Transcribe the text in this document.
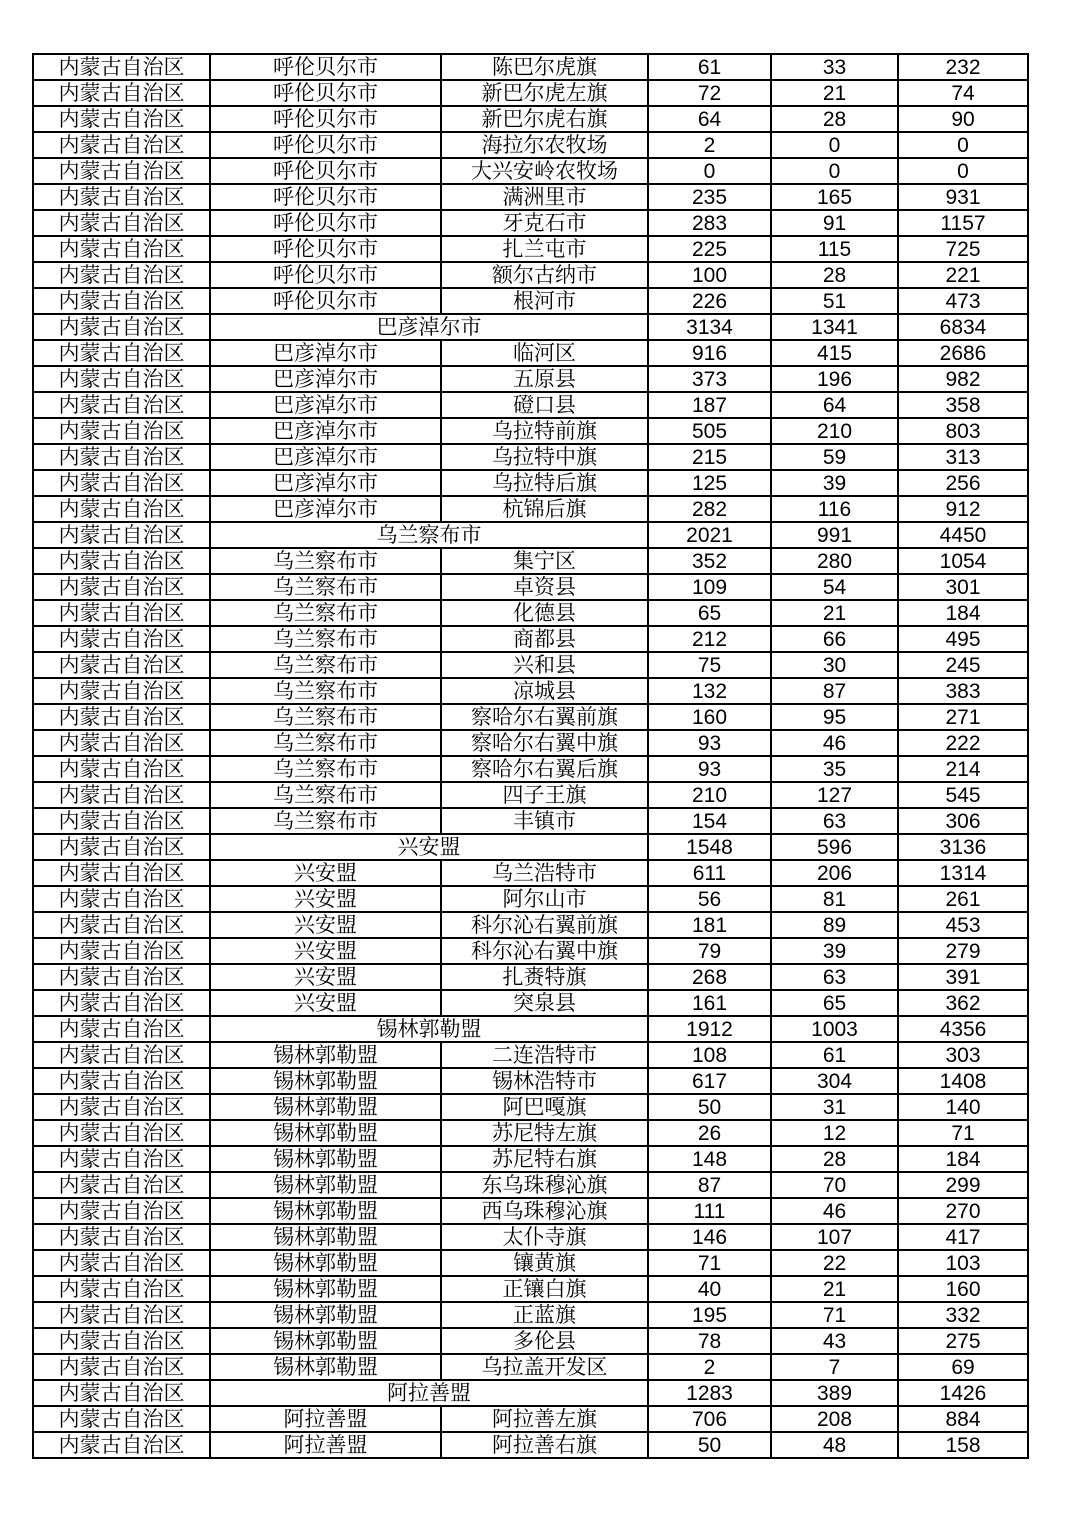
内蒙古自治区	呼伦贝尔市	陈巴尔虎旗	61	33	232
内蒙古自治区	呼伦贝尔市	新巴尔虎左旗	72	21	74
内蒙古自治区	呼伦贝尔市	新巴尔虎右旗	64	28	90
内蒙古自治区	呼伦贝尔市	海拉尔农牧场	2	0	0
内蒙古自治区	呼伦贝尔市	大兴安岭农牧场	0	0	0
内蒙古自治区	呼伦贝尔市	满洲里市	235	165	931
内蒙古自治区	呼伦贝尔市	牙克石市	283	91	1157
内蒙古自治区	呼伦贝尔市	扎兰屯市	225	115	725
内蒙古自治区	呼伦贝尔市	额尔古纳市	100	28	221
内蒙古自治区	呼伦贝尔市	根河市	226	51	473
内蒙古自治区	巴彦淖尔市		3134	1341	6834
内蒙古自治区	巴彦淖尔市	临河区	916	415	2686
内蒙古自治区	巴彦淖尔市	五原县	373	196	982
内蒙古自治区	巴彦淖尔市	磴口县	187	64	358
内蒙古自治区	巴彦淖尔市	乌拉特前旗	505	210	803
内蒙古自治区	巴彦淖尔市	乌拉特中旗	215	59	313
内蒙古自治区	巴彦淖尔市	乌拉特后旗	125	39	256
内蒙古自治区	巴彦淖尔市	杭锦后旗	282	116	912
内蒙古自治区	乌兰察布市		2021	991	4450
内蒙古自治区	乌兰察布市	集宁区	352	280	1054
内蒙古自治区	乌兰察布市	卓资县	109	54	301
内蒙古自治区	乌兰察布市	化德县	65	21	184
内蒙古自治区	乌兰察布市	商都县	212	66	495
内蒙古自治区	乌兰察布市	兴和县	75	30	245
内蒙古自治区	乌兰察布市	凉城县	132	87	383
内蒙古自治区	乌兰察布市	察哈尔右翼前旗	160	95	271
内蒙古自治区	乌兰察布市	察哈尔右翼中旗	93	46	222
内蒙古自治区	乌兰察布市	察哈尔右翼后旗	93	35	214
内蒙古自治区	乌兰察布市	四子王旗	210	127	545
内蒙古自治区	乌兰察布市	丰镇市	154	63	306
内蒙古自治区	兴安盟		1548	596	3136
内蒙古自治区	兴安盟	乌兰浩特市	611	206	1314
内蒙古自治区	兴安盟	阿尔山市	56	81	261
内蒙古自治区	兴安盟	科尔沁右翼前旗	181	89	453
内蒙古自治区	兴安盟	科尔沁右翼中旗	79	39	279
内蒙古自治区	兴安盟	扎赉特旗	268	63	391
内蒙古自治区	兴安盟	突泉县	161	65	362
内蒙古自治区	锡林郭勒盟		1912	1003	4356
内蒙古自治区	锡林郭勒盟	二连浩特市	108	61	303
内蒙古自治区	锡林郭勒盟	锡林浩特市	617	304	1408
内蒙古自治区	锡林郭勒盟	阿巴嘎旗	50	31	140
内蒙古自治区	锡林郭勒盟	苏尼特左旗	26	12	71
内蒙古自治区	锡林郭勒盟	苏尼特右旗	148	28	184
内蒙古自治区	锡林郭勒盟	东乌珠穆沁旗	87	70	299
内蒙古自治区	锡林郭勒盟	西乌珠穆沁旗	111	46	270
内蒙古自治区	锡林郭勒盟	太仆寺旗	146	107	417
内蒙古自治区	锡林郭勒盟	镶黄旗	71	22	103
内蒙古自治区	锡林郭勒盟	正镶白旗	40	21	160
内蒙古自治区	锡林郭勒盟	正蓝旗	195	71	332
内蒙古自治区	锡林郭勒盟	多伦县	78	43	275
内蒙古自治区	锡林郭勒盟	乌拉盖开发区	2	7	69
内蒙古自治区	阿拉善盟		1283	389	1426
内蒙古自治区	阿拉善盟	阿拉善左旗	706	208	884
内蒙古自治区	阿拉善盟	阿拉善右旗	50	48	158
